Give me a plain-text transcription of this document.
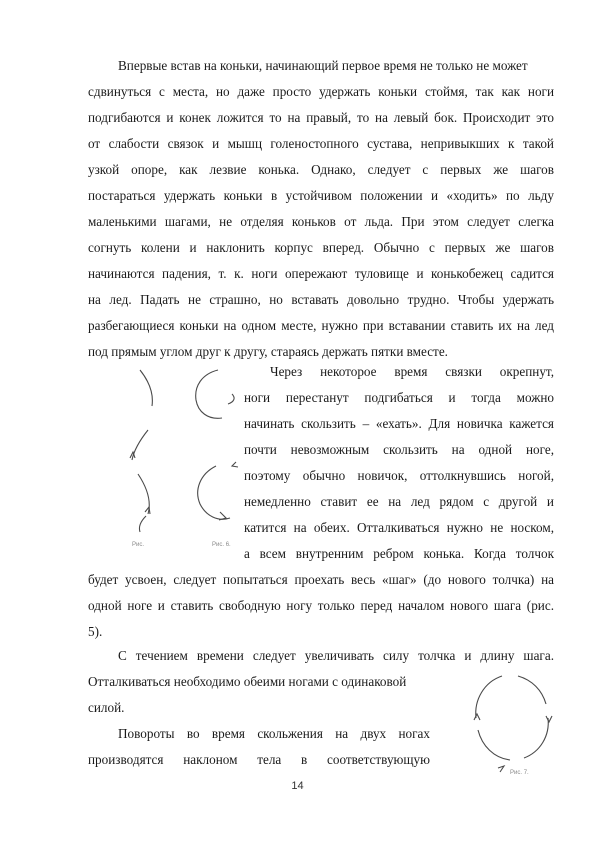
Впервые встав на коньки, начинающий первое время не только не может
сдвинуться с места, но даже просто удержать коньки стоймя, так как ноги
подгибаются и конек ложится то на правый, то на левый бок. Происходит это
от слабости связок и мышц голеностопного сустава, непривыкших к такой
узкой опоре, как лезвие конька. Однако, следует с первых же шагов
постараться удержать коньки в устойчивом положении и «ходить» по льду
маленькими шагами, не отделяя коньков от льда. При этом следует слегка
согнуть колени и наклонить корпус вперед. Обычно с первых же шагов
начинаются падения, т. к. ноги опережают туловище и конькобежец садится
на лед. Падать не страшно, но вставать довольно трудно. Чтобы удержать
разбегающиеся коньки на одном месте, нужно при вставании ставить их на лед
под прямым углом друг к другу, стараясь держать пятки вместе.
Рис.	Рис. 6.
Через некоторое время связки окрепнут,
ноги перестанут подгибаться и тогда можно
начинать скользить – «ехать». Для новичка кажется
почти невозможным скользить на одной ноге,
поэтому обычно новичок, оттолкнувшись ногой,
немедленно ставит ее на лед рядом с другой и
катится на обеих. Отталкиваться нужно не носком,
а всем внутренним ребром конька. Когда толчок
будет усвоен, следует попытаться проехать весь «шаг» (до нового толчка) на
одной ноге и ставить свободную ногу только перед началом нового шага (рис.
5).
С течением времени следует увеличивать силу толчка и длину шага.
Отталкиваться необходимо обеими ногами с одинаковой
силой.
Повороты во время скольжения на двух ногах
производятся наклоном тела в соответствующую
Рис. 7.
14
